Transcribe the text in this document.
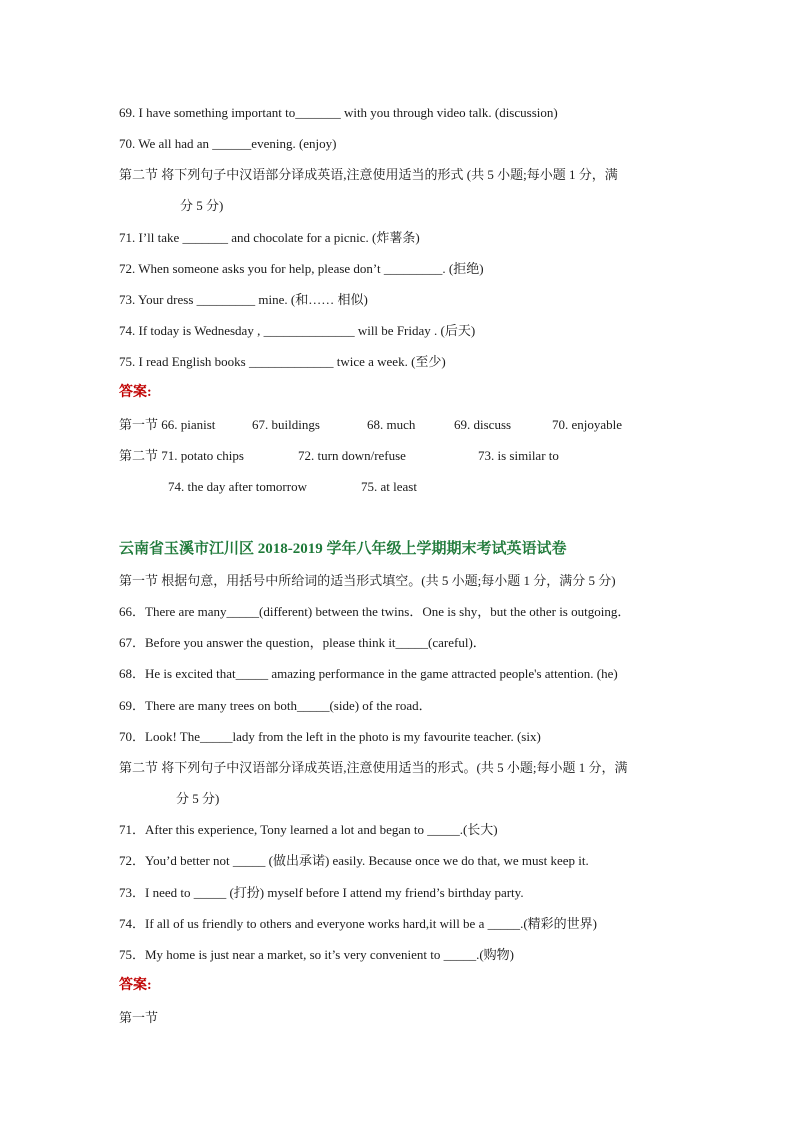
69. I have something important to_______ with you through video talk. (discussion)
70. We all had an ______evening. (enjoy)
第二节 将下列句子中汉语部分译成英语,注意使用适当的形式 (共 5 小题;每小题 1 分，满
分 5 分)
71. I’ll take _______ and chocolate for a picnic. (炸薯条)
72. When someone asks you for help, please don’t _________. (拒绝)
73. Your dress _________ mine. (和…… 相似)
74. If today is Wednesday , ______________ will be Friday . (后天)
75. I read English books _____________ twice a week. (至少)
答案:
第一节 66. pianist	67. buildings	68. much	69. discuss	70. enjoyable
第二节 71. potato chips	72. turn down/refuse	73. is similar to
74. the day after tomorrow	75. at least
云南省玉溪市江川区 2018-2019 学年八年级上学期期末考试英语试卷
第一节 根据句意，用括号中所给词的适当形式填空。(共 5 小题;每小题 1 分，满分 5 分)
66．There are many_____(different) between the twins．One is shy，but the other is outgoing．
67．Before you answer the question，please think it_____(careful)．
68．He is excited that_____ amazing performance in the game attracted people's attention. (he)
69．There are many trees on both_____(side) of the road．
70．Look! The_____lady from the left in the photo is my favourite teacher. (six)
第二节 将下列句子中汉语部分译成英语,注意使用适当的形式。(共 5 小题;每小题 1 分，满
分 5 分)
71．After this experience, Tony learned a lot and began to _____.(长大)
72．You’d better not _____ (做出承诺) easily. Because once we do that, we must keep it.
73．I need to _____ (打扮) myself before I attend my friend’s birthday party.
74．If all of us friendly to others and everyone works hard,it will be a _____.(精彩的世界)
75．My home is just near a market, so it’s very convenient to _____.(购物)
答案:
第一节
